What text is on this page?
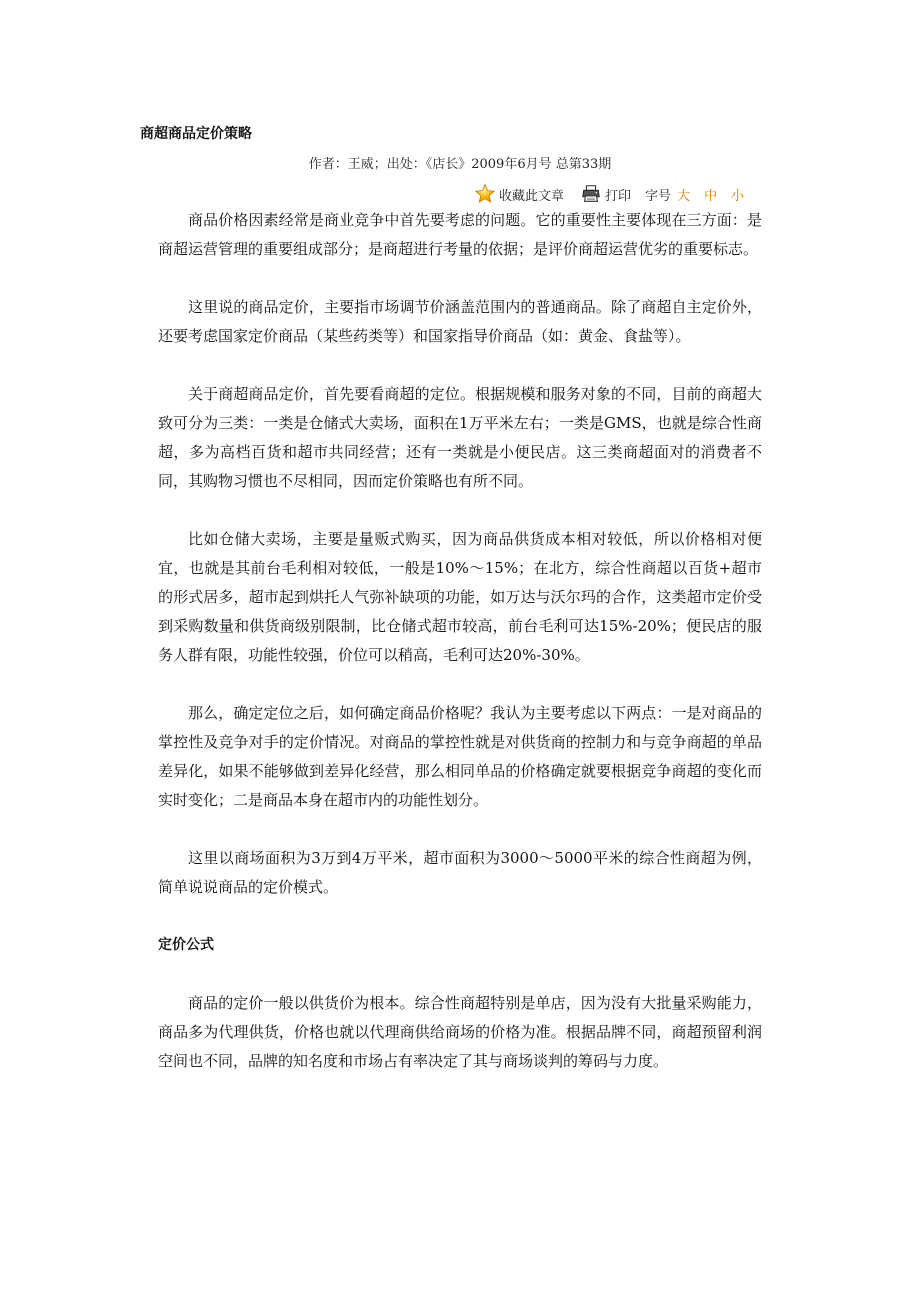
商超商品定价策略
作者：王威；出处：《店长》2009年6月号 总第33期
收藏此文章	打印 字号 大 中 小

商品价格因素经常是商业竞争中首先要考虑的问题。它的重要性主要体现在三方面：是商超运营管理的重要组成部分；是商超进行考量的依据；是评价商超运营优劣的重要标志。

这里说的商品定价，主要指市场调节价涵盖范围内的普通商品。除了商超自主定价外，还要考虑国家定价商品（某些药类等）和国家指导价商品（如：黄金、食盐等）。

关于商超商品定价，首先要看商超的定位。根据规模和服务对象的不同，目前的商超大致可分为三类：一类是仓储式大卖场，面积在1万平米左右；一类是GMS，也就是综合性商超，多为高档百货和超市共同经营；还有一类就是小便民店。这三类商超面对的消费者不同，其购物习惯也不尽相同，因而定价策略也有所不同。

比如仓储大卖场，主要是量贩式购买，因为商品供货成本相对较低，所以价格相对便宜，也就是其前台毛利相对较低，一般是10%～15%；在北方，综合性商超以百货+超市的形式居多，超市起到烘托人气弥补缺项的功能，如万达与沃尔玛的合作，这类超市定价受到采购数量和供货商级别限制，比仓储式超市较高，前台毛利可达15%-20%；便民店的服务人群有限，功能性较强，价位可以稍高，毛利可达20%-30%。

那么，确定定位之后，如何确定商品价格呢？我认为主要考虑以下两点：一是对商品的掌控性及竞争对手的定价情况。对商品的掌控性就是对供货商的控制力和与竞争商超的单品差异化，如果不能够做到差异化经营，那么相同单品的价格确定就要根据竞争商超的变化而实时变化；二是商品本身在超市内的功能性划分。

这里以商场面积为3万到4万平米，超市面积为3000～5000平米的综合性商超为例，简单说说商品的定价模式。

定价公式

商品的定价一般以供货价为根本。综合性商超特别是单店，因为没有大批量采购能力，商品多为代理供货，价格也就以代理商供给商场的价格为准。根据品牌不同，商超预留利润空间也不同，品牌的知名度和市场占有率决定了其与商场谈判的筹码与力度。
